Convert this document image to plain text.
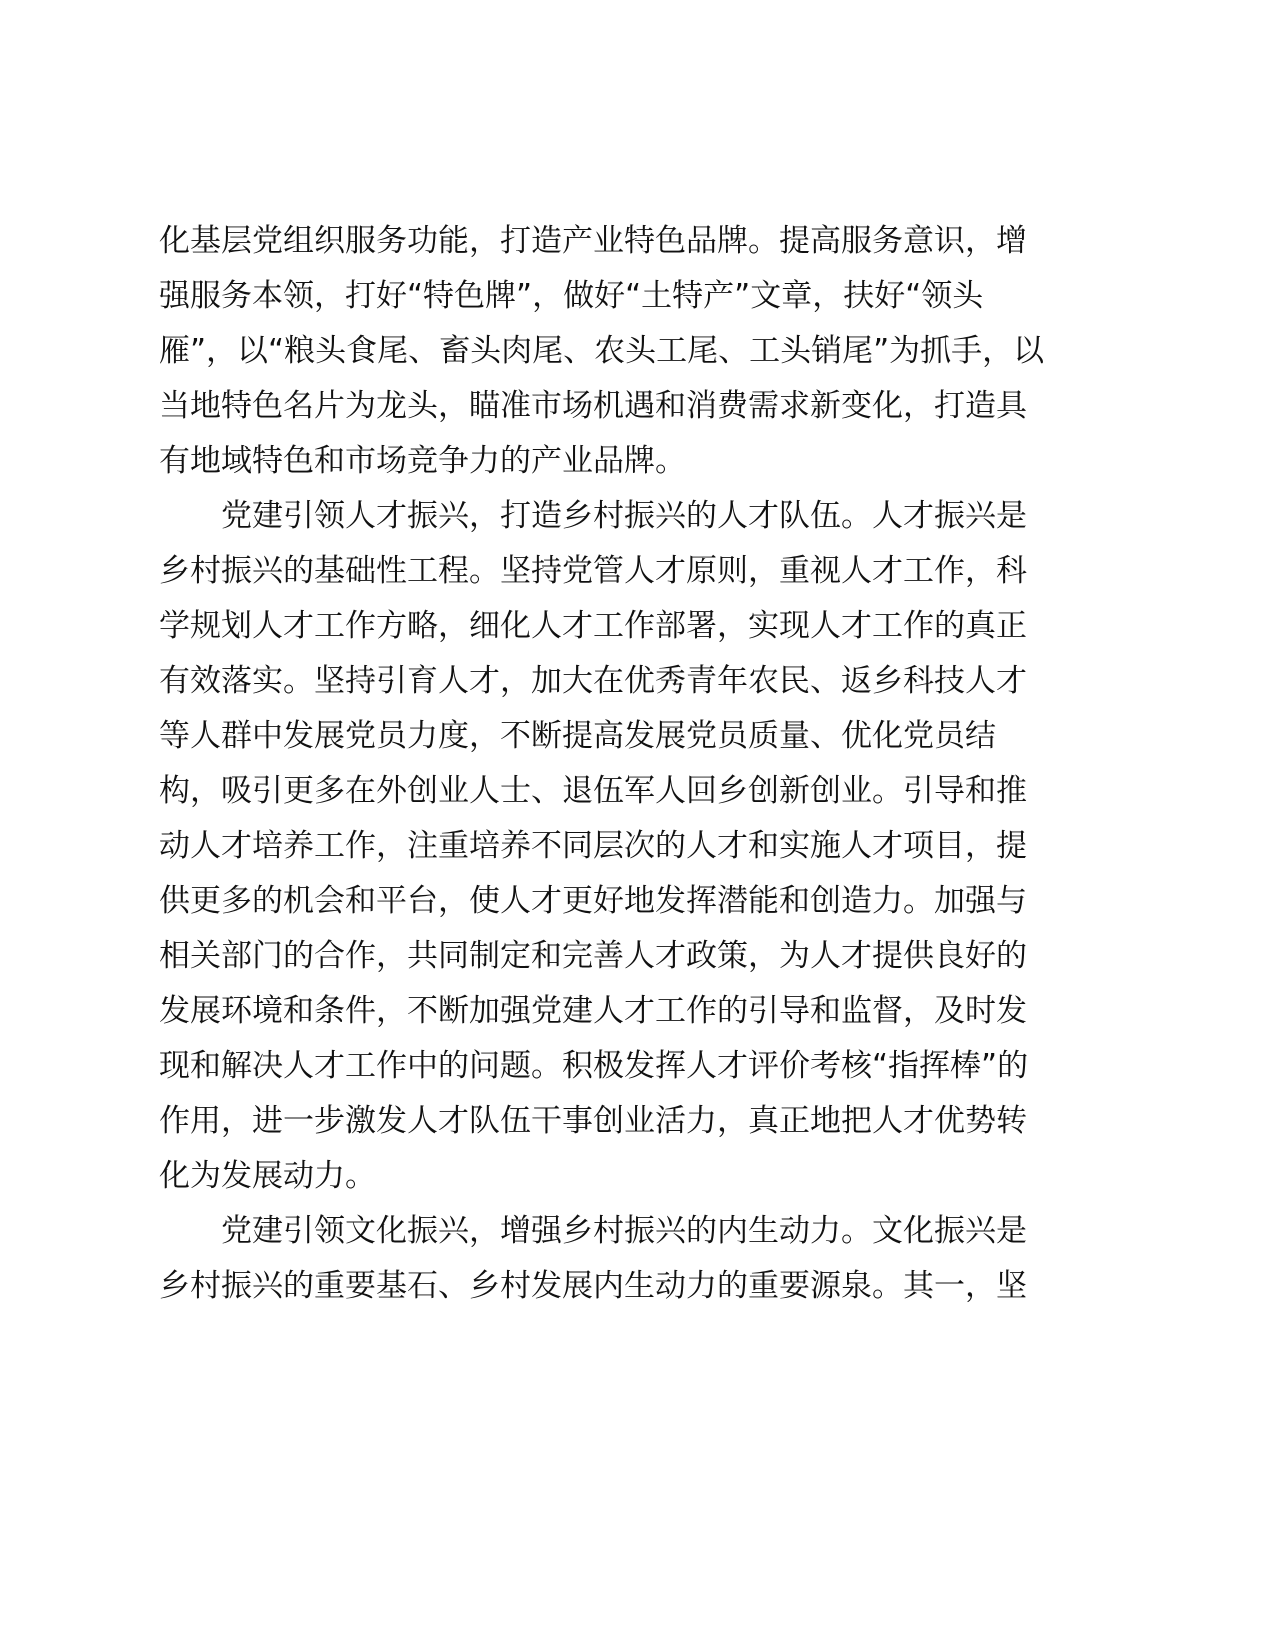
化基层党组织服务功能，打造产业特色品牌。提高服务意识，增
强服务本领，打好“特色牌”，做好“土特产”文章，扶好“领头
雁”，以“粮头食尾、畜头肉尾、农头工尾、工头销尾”为抓手，以
当地特色名片为龙头，瞄准市场机遇和消费需求新变化，打造具
有地域特色和市场竞争力的产业品牌。
党建引领人才振兴，打造乡村振兴的人才队伍。人才振兴是
乡村振兴的基础性工程。坚持党管人才原则，重视人才工作，科
学规划人才工作方略，细化人才工作部署，实现人才工作的真正
有效落实。坚持引育人才，加大在优秀青年农民、返乡科技人才
等人群中发展党员力度，不断提高发展党员质量、优化党员结
构，吸引更多在外创业人士、退伍军人回乡创新创业。引导和推
动人才培养工作，注重培养不同层次的人才和实施人才项目，提
供更多的机会和平台，使人才更好地发挥潜能和创造力。加强与
相关部门的合作，共同制定和完善人才政策，为人才提供良好的
发展环境和条件，不断加强党建人才工作的引导和监督，及时发
现和解决人才工作中的问题。积极发挥人才评价考核“指挥棒”的
作用，进一步激发人才队伍干事创业活力，真正地把人才优势转
化为发展动力。
党建引领文化振兴，增强乡村振兴的内生动力。文化振兴是
乡村振兴的重要基石、乡村发展内生动力的重要源泉。其一，坚
